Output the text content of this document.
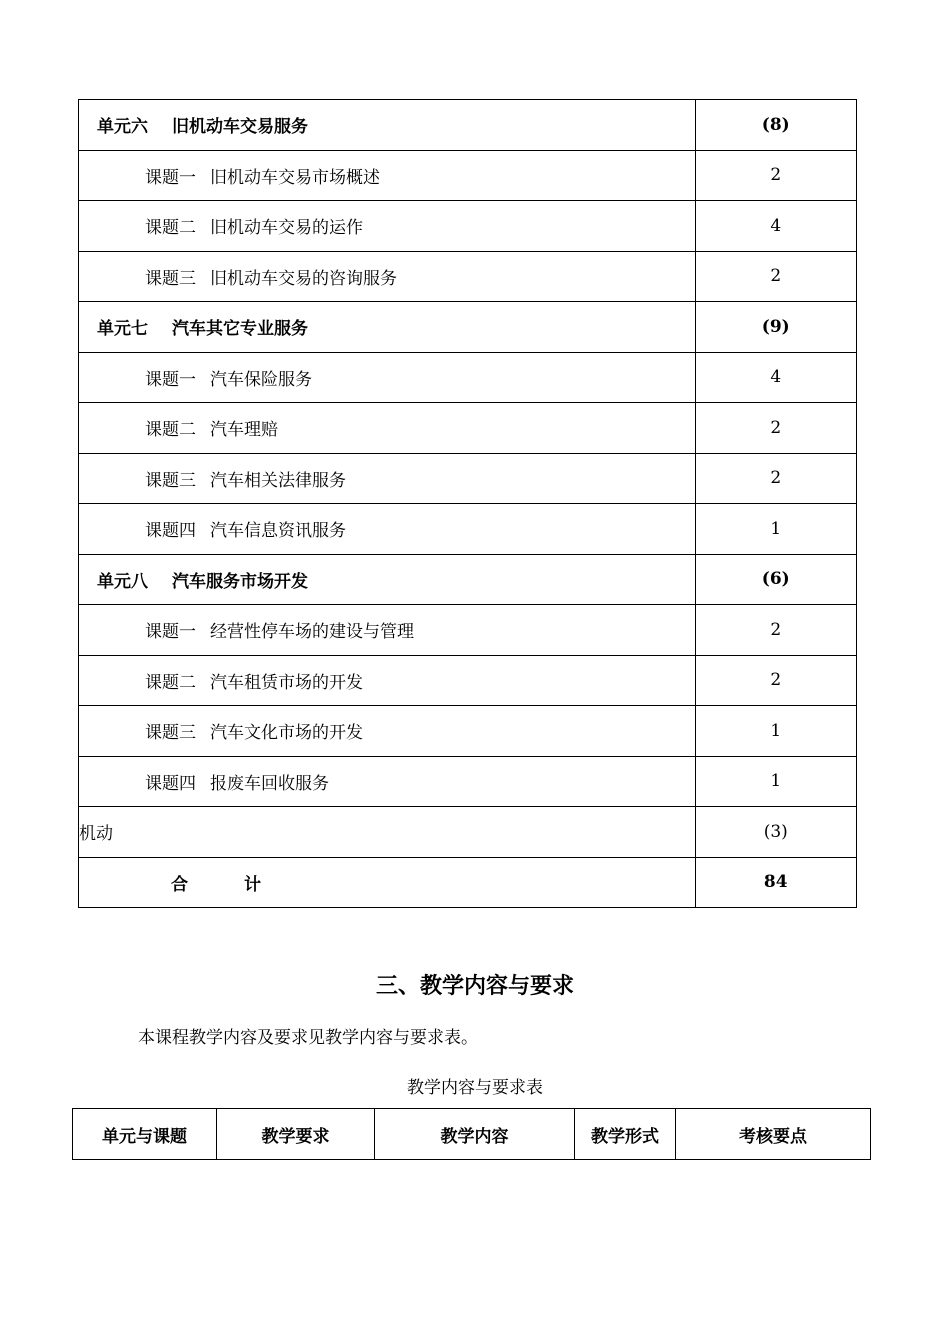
单元六 旧机动车交易服务	(8)
课题一 旧机动车交易市场概述	2
课题二 旧机动车交易的运作	4
课题三 旧机动车交易的咨询服务	2
单元七 汽车其它专业服务	(9)
课题一 汽车保险服务	4
课题二 汽车理赔	2
课题三 汽车相关法律服务	2
课题四 汽车信息资讯服务	1
单元八 汽车服务市场开发	(6)
课题一 经营性停车场的建设与管理	2
课题二 汽车租赁市场的开发	2
课题三 汽车文化市场的开发	1
课题四 报废车回收服务	1
机动	(3)
合 计	84
三、教学内容与要求
本课程教学内容及要求见教学内容与要求表。
教学内容与要求表
单元与课题	教学要求	教学内容	教学形式	考核要点
